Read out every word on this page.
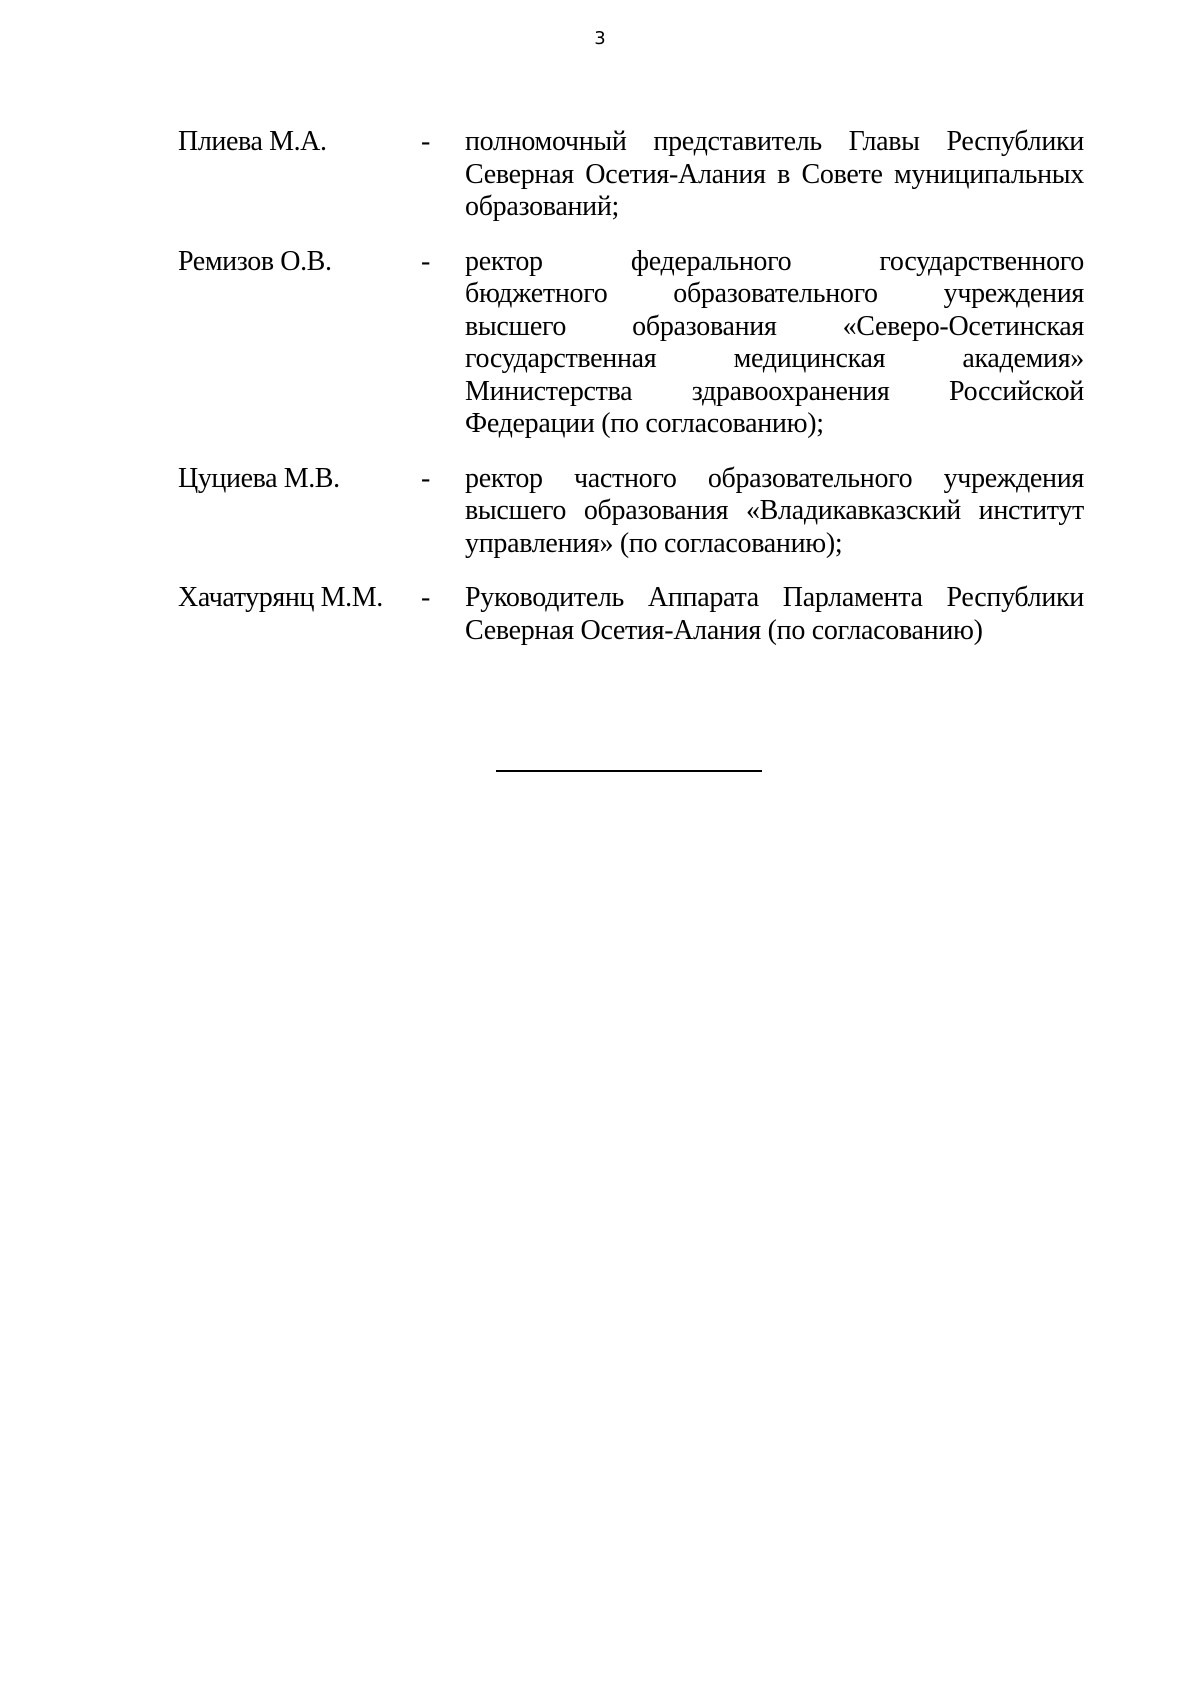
3
Плиева М.А.	-	полномочный представитель Главы Республики
Северная Осетия-Алания в Совете муниципальных
образований;
Ремизов О.В.	-	ректор федерального государственного
бюджетного образовательного учреждения
высшего образования «Северо-Осетинская
государственная медицинская академия»
Министерства здравоохранения Российской
Федерации (по согласованию);
Цуциева М.В.	-	ректор частного образовательного учреждения
высшего образования «Владикавказский институт
управления» (по согласованию);
Хачатурянц М.М.	-	Руководитель Аппарата Парламента Республики
Северная Осетия-Алания (по согласованию)
